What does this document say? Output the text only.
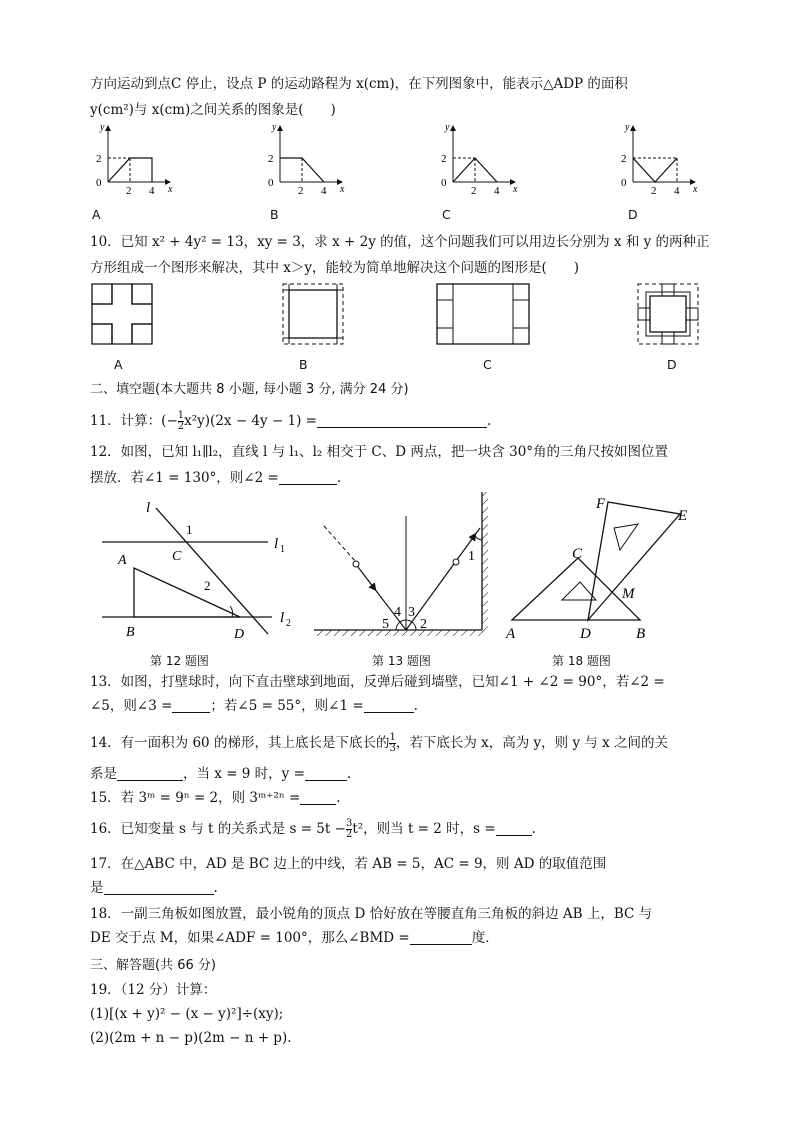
方向运动到点C 停止，设点 P 的运动路程为 x(cm)，在下列图象中，能表示△ADP 的面积
y(cm²)与 x(cm)之间关系的图象是(　　)
y
x
0
2
2 4
y
x
0
2
2 4
y
x
0
2
2 4
y
x
0
2
2 4
A	B	C	D
10．已知 x² + 4y² = 13，xy = 3，求 x + 2y 的值，这个问题我们可以用边长分别为 x 和 y 的两种正
方形组成一个图形来解决，其中 x＞y，能较为简单地解决这个问题的图形是(　　)
A	B	C	D
二、填空题(本大题共 8 小题, 每小题 3 分, 满分 24 分)
11．计算：(− $\frac{1}{2} x^2y)(2x - 4y - 1)$ =	.
12．如图，已知 l₁∥l₂，直线 l 与 l₁、l₂ 相交于 C、D 两点，把一块含 30°角的三角尺按如图位置
摆放．若∠1 = 130°，则∠2 =	.
l
l 1
l 2
A
B
C
D
1
2
第 12 题图
5
4 3
2
1
第 13 题图
F
E
C
M
A	D	B
第 18 题图
13．如图，打壁球时，向下直击壁球到地面，反弹后碰到墙壁，已知∠1 + ∠2 = 90°，若∠2 =
∠5，则∠3 =	；若∠5 = 55°，则∠1 =	.
14．有一面积为 60 的梯形，其上底长是下底长的 $\frac{1}{3}$ ，若下底长为 x，高为 y，则 y 与 x 之间的关
系是	，当 x = 9 时，y =	.
15．若 3ᵐ = 9ⁿ = 2，则 3ᵐ⁺²ⁿ =	.
16．已知变量 s 与 t 的关系式是 $s = 5t - \frac{3}{2} t^2$，则当 t = 2 时，s =	.
17．在△ABC 中，AD 是 BC 边上的中线，若 AB = 5，AC = 9，则 AD 的取值范围
是	.
18．一副三角板如图放置，最小锐角的顶点 D 恰好放在等腰直角三角板的斜边 AB 上，BC 与
DE 交于点 M，如果∠ADF = 100°，那么∠BMD =	度．
三、解答题(共 66 分)
19．（12 分）计算：
(1)[(x + y)² − (x − y)²]÷(xy);
(2)(2m + n − p)(2m − n + p).
